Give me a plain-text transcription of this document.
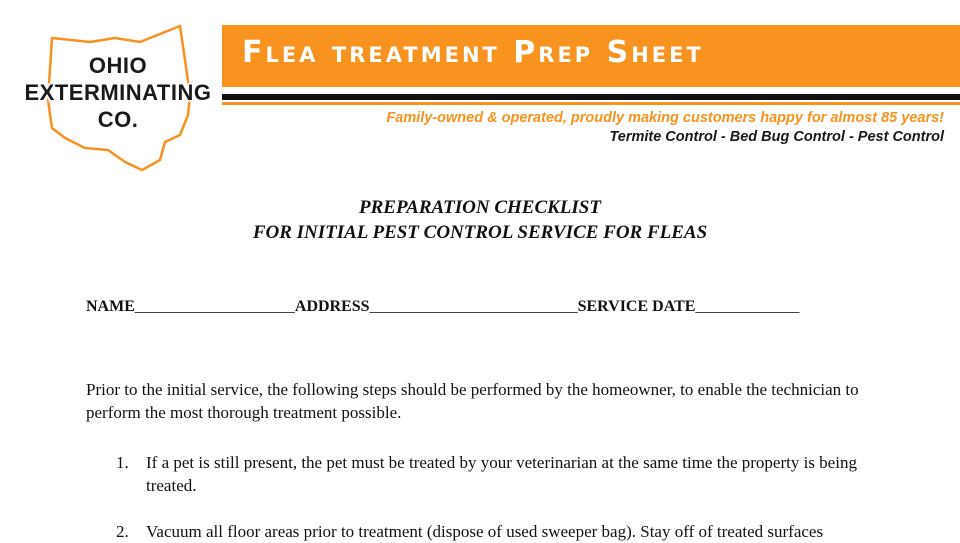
OHIO
EXTERMINATING
CO.
Flea treatment Prep Sheet
Family-owned & operated, proudly making customers happy for almost 85 years!
Termite Control - Bed Bug Control - Pest Control
PREPARATION CHECKLIST
FOR INITIAL PEST CONTROL SERVICE FOR FLEAS
NAME____________________ADDRESS__________________________SERVICE DATE_____________
Prior to the initial service, the following steps should be performed by the homeowner, to enable the technician to perform the most thorough treatment possible.
1. If a pet is still present, the pet must be treated by your veterinarian at the same time the property is being treated.
2. Vacuum all floor areas prior to treatment (dispose of used sweeper bag). Stay off of treated surfaces
